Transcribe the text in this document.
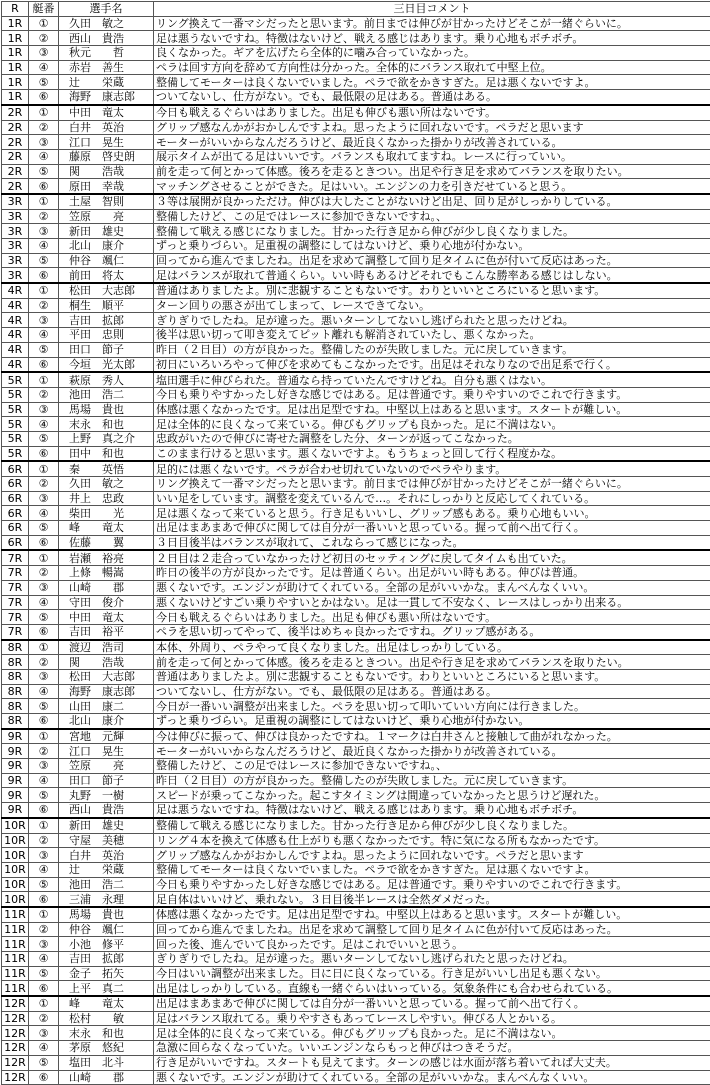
R	艇番	選手名	三日目コメント
1R	①	久田　敏之	リング換えて一番マシだったと思います。前日までは伸びが甘かったけどそこが一緒ぐらいに。
1R	②	西山　貴浩	足は悪うないですね。特徴はないけど、戦える感じはあります。乗り心地もボチボチ。
1R	③	秋元　　哲	良くなかった。ギアを広げたら全体的に噛み合っていなかった。
1R	④	赤岩　善生	ペラは回す方向を辞めて方向性は分かった。全体的にバランス取れて中堅上位。
1R	⑤	辻　　栄蔵	整備してモーターは良くないでいました。ペラで欲をかきすぎた。足は悪くないですよ。
1R	⑥	海野　康志郎	ついてないし、仕方がない。でも、最低限の足はある。普通はある。
2R	①	中田　竜太	今日も戦えるぐらいはありました。出足も伸びも悪い所はないです。
2R	②	白井　英治	グリップ感なんかがおかしんですよね。思ったように回れないです。ペラだと思います
2R	③	江口　晃生	モーターがいいからなんだろうけど、最近良くなかった掛かりが改善されている。
2R	④	藤原　啓史朗	展示タイムが出てる足はいいです。バランスも取れてますね。レースに行っていい。
2R	⑤	関　　浩哉	前を走って何とかって体感。後ろを走るときつい。出足や行き足を求めてバランスを取りたい。
2R	⑥	原田　幸哉	マッチングさせることができた。足はいい。エンジンの力を引きだせていると思う。
3R	①	土屋　智則	３等は展開が良かっただけ。伸びは大したことがないけど出足、回り足がしっかりしている。
3R	②	笠原　　亮	整備したけど、この足ではレースに参加できないですね。、
3R	③	新田　雄史	整備して戦える感じになりました。甘かった行き足から伸びが少し良くなりました。
3R	④	北山　康介	ずっと乗りづらい。足重視の調整にしてはないけど、乗り心地が付かない。
3R	⑤	仲谷　颯仁	回ってから進んでましたね。出足を求めて調整して回り足タイムに色が付いて反応はあった。
3R	⑥	前田　将太	足はバランスが取れて普通くらい。いい時もあるけどそれでもこんな勝率ある感じはしない。
4R	①	松田　大志郎	普通はありましたよ。別に悲観することもないです。わりといいところにいると思います。
4R	②	桐生　順平	ターン回りの悪さが出てしまって、レースできてない。
4R	③	吉田　拡郎	ぎりぎりでしたね。足が違った。悪いターンしてないし逃げられたと思ったけどね。
4R	④	平田　忠則	後半は思い切って叩き変えてピット離れも解消されていたし、悪くなかった。
4R	⑤	田口　節子	昨日（２日目）の方が良かった。整備したのが失敗しました。元に戻していきます。
4R	⑥	今垣　光太郎	初日にいろいろやって伸びを求めてもこなかったです。出足はそれなりなので出足系で行く。
5R	①	萩原　秀人	塩田選手に伸びられた。普通なら持っていたんですけどね。自分も悪くはない。
5R	②	池田　浩二	今日も乗りやすかったし好きな感じではある。足は普通です。乗りやすいのでこれで行きます。
5R	③	馬場　貴也	体感は悪くなかったです。足は出足型ですね。中堅以上はあると思います。スタートが難しい。
5R	④	末永　和也	足は全体的に良くなって来ている。伸びもグリップも良かった。足に不満はない。
5R	⑤	上野　真之介	忠政がいたので伸びに寄せた調整をした分、ターンが返ってこなかった。
5R	⑥	田中　和也	このまま行けると思います。悪くないですよ。もうちょっと回して行く程度かな。
6R	①	秦　　英悟	足的には悪くないです。ペラが合わせ切れていないのでペラやります。
6R	②	久田　敏之	リング換えて一番マシだったと思います。前日までは伸びが甘かったけどそこが一緒ぐらいに。
6R	③	井上　忠政	いい足をしています。調整を変えているんで…。それにしっかりと反応してくれている。
6R	④	柴田　　光	足は悪くなって来ていると思う。行き足もいいし、グリップ感もある。乗り心地もいい。
6R	⑤	峰　　竜太	出足はまあまあで伸びに関しては自分が一番いいと思っている。握って前へ出て行く。
6R	⑥	佐藤　　翼	３日目後半はバランスが取れて、これならって感じになった。
7R	①	岩瀬　裕亮	２日目は２走合っていなかったけど初日のセッティングに戻してタイムも出ていた。
7R	②	上條　暢嵩	昨日の後半の方が良かったです。足は普通くらい。出足がいい時もある。伸びは普通。
7R	③	山崎　　郡	悪くないです。エンジンが助けてくれている。全部の足がいいかな。まんべんなくいい。
7R	④	守田　俊介	悪くないけどすごい乗りやすいとかはない。足は一貫して不安なく、レースはしっかり出来る。
7R	⑤	中田　竜太	今日も戦えるぐらいはありました。出足も伸びも悪い所はないです。
7R	⑥	吉田　裕平	ペラを思い切ってやって、後半はめちゃ良かったですね。グリップ感がある。
8R	①	渡辺　浩司	本体、外周り、ペラやって良くなりました。出足はしっかりしている。
8R	②	関　　浩哉	前を走って何とかって体感。後ろを走るときつい。出足や行き足を求めてバランスを取りたい。
8R	③	松田　大志郎	普通はありましたよ。別に悲観することもないです。わりといいところにいると思います。
8R	④	海野　康志郎	ついてないし、仕方がない。でも、最低限の足はある。普通はある。
8R	⑤	山田　康二	今日が一番いい調整が出来ました。ペラを思い切って叩いていい方向には行きました。
8R	⑥	北山　康介	ずっと乗りづらい。足重視の調整にしてはないけど、乗り心地が付かない。
9R	①	宮地　元輝	今は伸びに振って、伸びは良かったですね。１マークは白井さんと接触して曲がれなかった。
9R	②	江口　晃生	モーターがいいからなんだろうけど、最近良くなかった掛かりが改善されている。
9R	③	笠原　　亮	整備したけど、この足ではレースに参加できないですね。、
9R	④	田口　節子	昨日（２日目）の方が良かった。整備したのが失敗しました。元に戻していきます。
9R	⑤	丸野　一樹	スピードが乗ってこなかった。起こすタイミングは間違っていなかったと思うけど遅れた。
9R	⑥	西山　貴浩	足は悪うないですね。特徴はないけど、戦える感じはあります。乗り心地もボチボチ。
10R	①	新田　雄史	整備して戦える感じになりました。甘かった行き足から伸びが少し良くなりました。
10R	②	守屋　美穂	リング４本を換えて体感も仕上がりも悪くなかったです。特に気になる所もなかったです。
10R	③	白井　英治	グリップ感なんかがおかしんですよね。思ったように回れないです。ペラだと思います
10R	④	辻　　栄蔵	整備してモーターは良くないでいました。ペラで欲をかきすぎた。足は悪くないですよ。
10R	⑤	池田　浩二	今日も乗りやすかったし好きな感じではある。足は普通です。乗りやすいのでこれで行きます。
10R	⑥	三浦　永理	足自体はいいけど、乗れない。３日目後半レースは全然ダメだった。
11R	①	馬場　貴也	体感は悪くなかったです。足は出足型ですね。中堅以上はあると思います。スタートが難しい。
11R	②	仲谷　颯仁	回ってから進んでましたね。出足を求めて調整して回り足タイムに色が付いて反応はあった。
11R	③	小池　修平	回った後、進んでいて良かったです。足はこれでいいと思う。
11R	④	吉田　拡郎	ぎりぎりでしたね。足が違った。悪いターンしてないし逃げられたと思ったけどね。
11R	⑤	金子　拓矢	今日はいい調整が出来ました。日に日に良くなっている。行き足がいいし出足も悪くない。
11R	⑥	上平　真二	出足はしっかりしている。直線も一緒ぐらいはいっている。気象条件にも合わせられている。
12R	①	峰　　竜太	出足はまあまあで伸びに関しては自分が一番いいと思っている。握って前へ出て行く。
12R	②	松村　　敏	足はバランス取れてる。乗りやすさもあってレースしやすい。伸びる人とかいる。
12R	③	末永　和也	足は全体的に良くなって来ている。伸びもグリップも良かった。足に不満はない。
12R	④	茅原　悠紀	急激に回らなくなっていた。いいエンジンならもっと伸びはつきそうだ。
12R	⑤	塩田　北斗	行き足がいいですね。スタートも見えてます。ターンの感じは水面が落ち着いてれば大丈夫。
12R	⑥	山崎　　郡	悪くないです。エンジンが助けてくれている。全部の足がいいかな。まんべんなくいい。
